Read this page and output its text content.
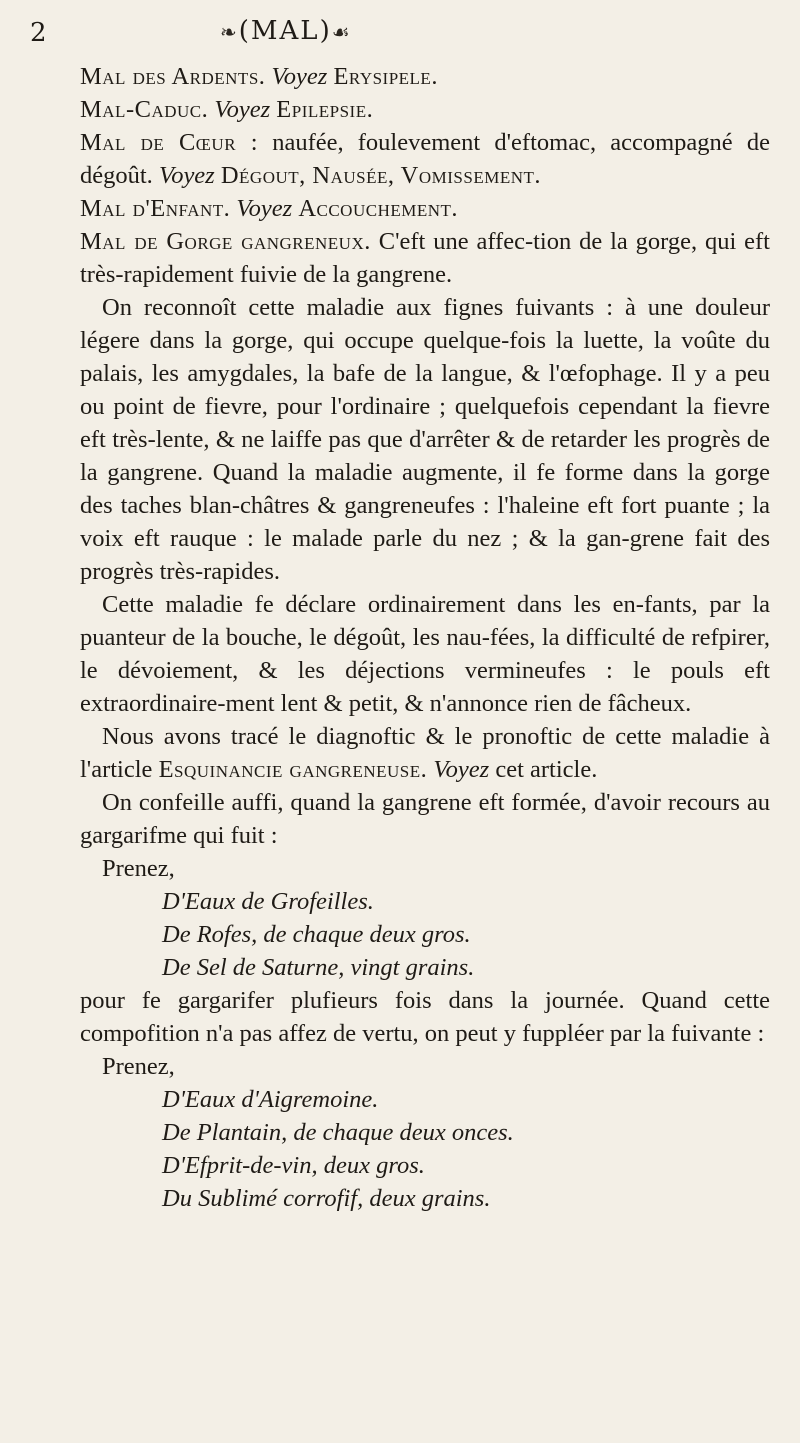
2	❧(MAL)☙

Mal des Ardents. Voyez Erysipele.

Mal-Caduc. Voyez Epilepsie.

Mal de Cœur : naufée, foulevement d'eftomac, accompagné de dégoût. Voyez Dégout, Nausée, Vomissement.

Mal d'Enfant. Voyez Accouchement.

Mal de Gorge gangreneux. C'eft une affec-tion de la gorge, qui eft très-rapidement fuivie de la gangrene.

On reconnoît cette maladie aux fignes fuivants : à une douleur légere dans la gorge, qui occupe quelque-fois la luette, la voûte du palais, les amygdales, la bafe de la langue, & l'œfophage. Il y a peu ou point de fievre, pour l'ordinaire ; quelquefois cependant la fievre eft très-lente, & ne laiffe pas que d'arrêter & de retarder les progrès de la gangrene. Quand la maladie augmente, il fe forme dans la gorge des taches blan-châtres & gangreneufes : l'haleine eft fort puante ; la voix eft rauque : le malade parle du nez ; & la gan-grene fait des progrès très-rapides.

Cette maladie fe déclare ordinairement dans les en-fants, par la puanteur de la bouche, le dégoût, les nau-fées, la difficulté de refpirer, le dévoiement, & les déjections vermineufes : le pouls eft extraordinaire-ment lent & petit, & n'annonce rien de fâcheux.

Nous avons tracé le diagnoftic & le pronoftic de cette maladie à l'article Esquinancie gangreneuse. Voyez cet article.

On confeille auffi, quand la gangrene eft formée, d'avoir recours au gargarifme qui fuit :

Prenez,

D'Eaux de Grofeilles.

De Rofes, de chaque deux gros.

De Sel de Saturne, vingt grains.

pour fe gargarifer plufieurs fois dans la journée. Quand cette compofition n'a pas affez de vertu, on peut y fuppléer par la fuivante :

Prenez,

D'Eaux d'Aigremoine.

De Plantain, de chaque deux onces.

D'Efprit-de-vin, deux gros.

Du Sublimé corrofif, deux grains.
